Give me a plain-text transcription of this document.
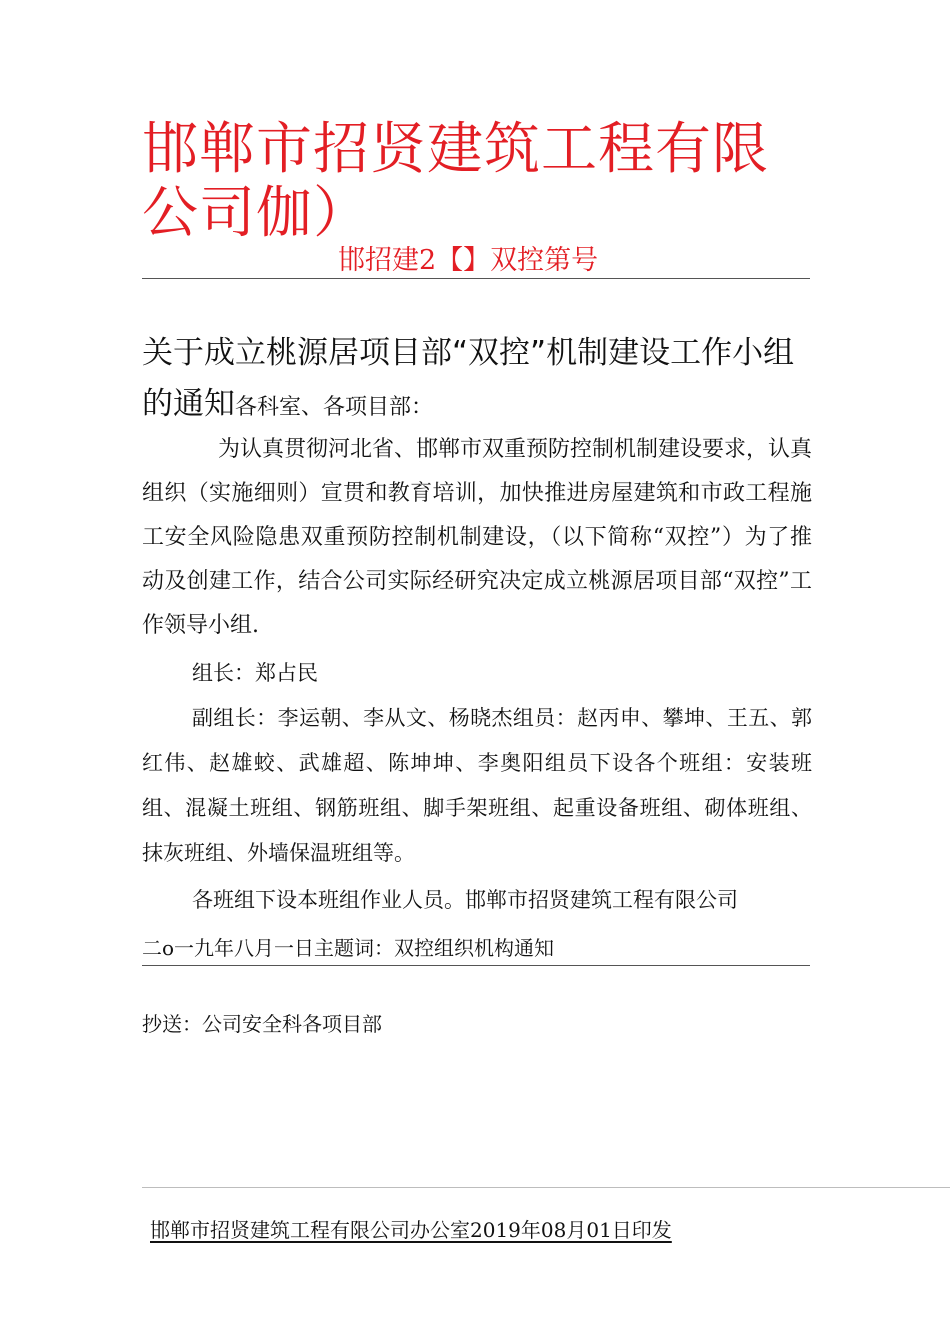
邯郸市招贤建筑工程有限公司伽）
邯招建2【】双控第号
关于成立桃源居项目部“双控”机制建设工作小组的通知各科室、各项目部：
为认真贯彻河北省、邯郸市双重预防控制机制建设要求，认真组织（实施细则）宣贯和教育培训，加快推进房屋建筑和市政工程施工安全风险隐患双重预防控制机制建设，（以下简称“双控”）为了推动及创建工作，结合公司实际经研究决定成立桃源居项目部“双控”工作领导小组.
组长：郑占民
副组长：李运朝、李从文、杨晓杰组员：赵丙申、攀坤、王五、郭红伟、赵雄蛟、武雄超、陈坤坤、李奥阳组员下设各个班组：安装班组、混凝土班组、钢筋班组、脚手架班组、起重设备班组、砌体班组、抹灰班组、外墙保温班组等。
各班组下设本班组作业人员。邯郸市招贤建筑工程有限公司
二o一九年八月一日主题词：双控组织机构通知
抄送：公司安全科各项目部
邯郸市招贤建筑工程有限公司办公室2019年08月01日印发
